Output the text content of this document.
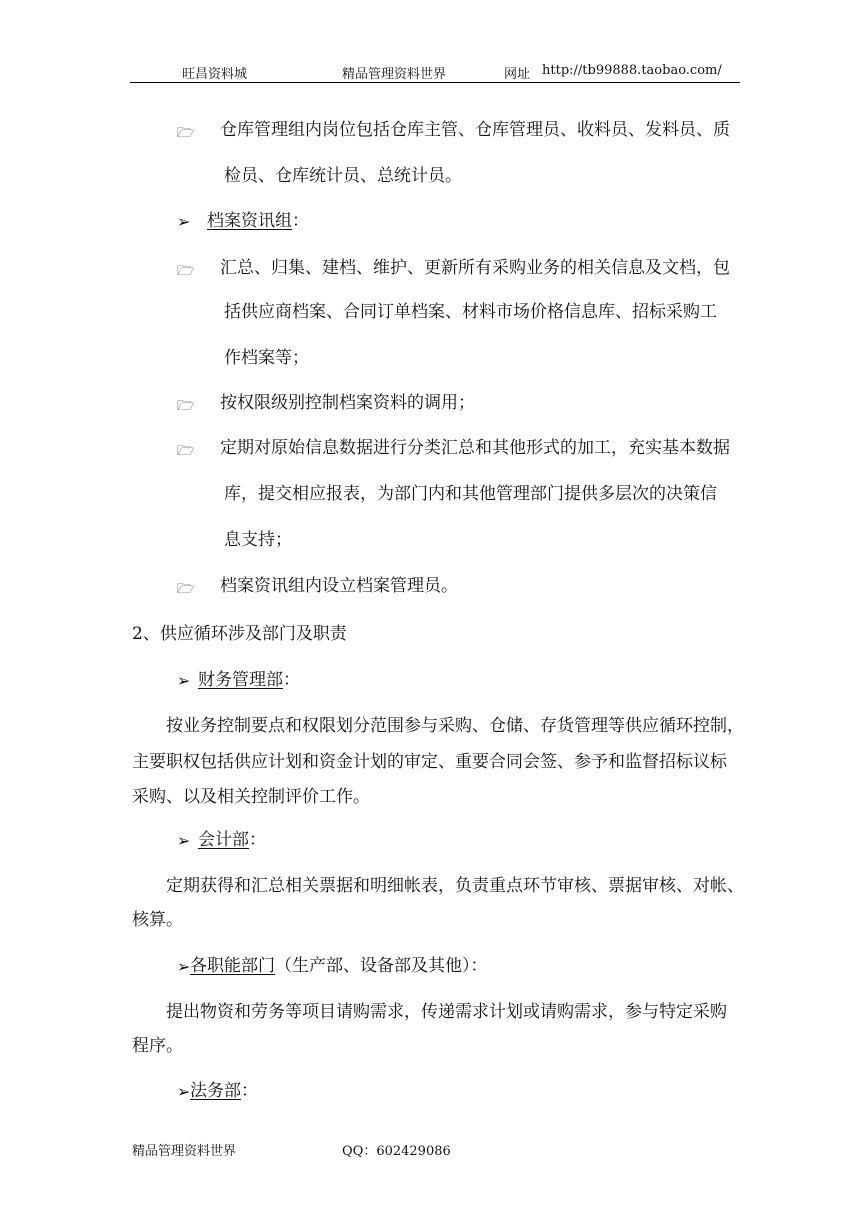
旺昌资料城	精品管理资料世界	网址 http://tb99888.taobao.com/
🗁 仓库管理组内岗位包括仓库主管、仓库管理员、收料员、发料员、质
检员、仓库统计员、总统计员。
➢ 档案资讯组：
🗁 汇总、归集、建档、维护、更新所有采购业务的相关信息及文档，包
括供应商档案、合同订单档案、材料市场价格信息库、招标采购工
作档案等；
🗁 按权限级别控制档案资料的调用；
🗁 定期对原始信息数据进行分类汇总和其他形式的加工，充实基本数据
库，提交相应报表，为部门内和其他管理部门提供多层次的决策信
息支持；
🗁 档案资讯组内设立档案管理员。
2、供应循环涉及部门及职责
➢ 财务管理部：
按业务控制要点和权限划分范围参与采购、仓储、存货管理等供应循环控制，
主要职权包括供应计划和资金计划的审定、重要合同会签、参予和监督招标议标
采购、以及相关控制评价工作。
➢ 会计部：
定期获得和汇总相关票据和明细帐表，负责重点环节审核、票据审核、对帐、
核算。
➢ 各职能部门（生产部、设备部及其他）：
提出物资和劳务等项目请购需求，传递需求计划或请购需求，参与特定采购
程序。
➢ 法务部：
精品管理资料世界	QQ：602429086
